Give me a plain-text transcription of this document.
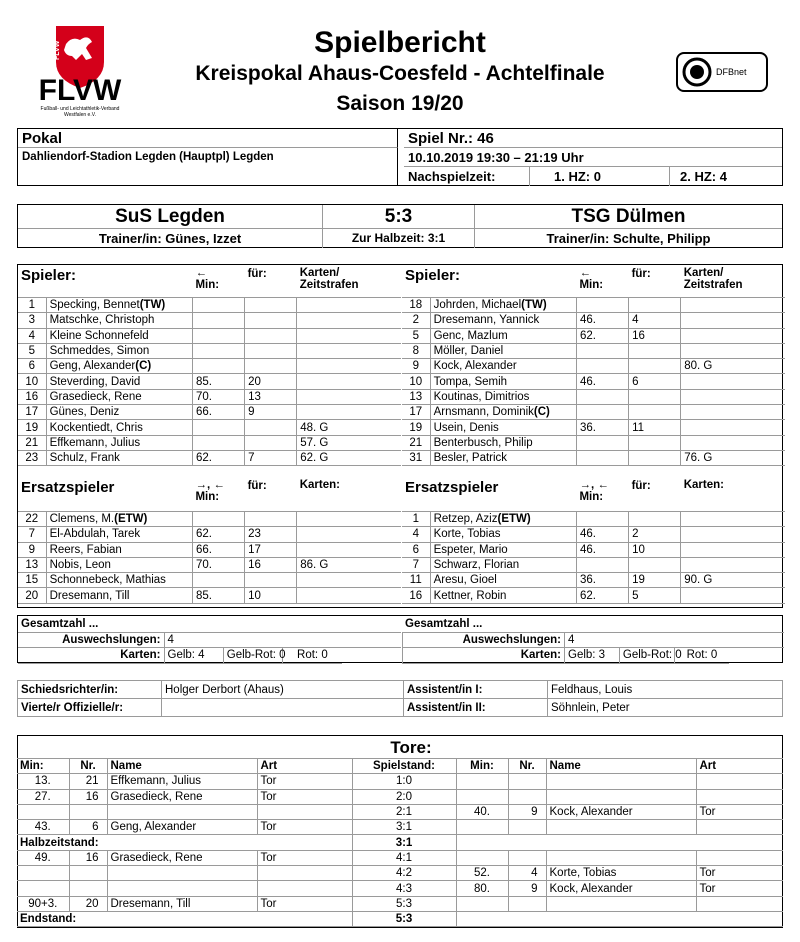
FLVW
FLVW
Fußball- und Leichtathletik-Verband Westfalen e.V.
Spielbericht
Kreispokal Ahaus-Coesfeld - Achtelfinale
Saison 19/20
DFBnet
Pokal
Dahliendorf-Stadion Legden (Hauptpl) Legden
Spiel Nr.: 46
10.10.2019 19:30 – 21:19 Uhr
Nachspielzeit:	1. HZ: 0	2. HZ: 4
SuS Legden
Trainer/in: Günes, Izzet
5:3
Zur Halbzeit: 3:1
TSG Dülmen
Trainer/in: Schulte, Philipp
Spieler:	←
Min:	für:	Karten/
Zeitstrafen
1	Specking, Bennet(TW)			
3	Matschke, Christoph			
4	Kleine Schonnefeld			
5	Schmeddes, Simon			
6	Geng, Alexander(C)			
10	Steverding, David	85.	20	
16	Grasedieck, Rene	70.	13	
17	Günes, Deniz	66.	9	
19	Kockentiedt, Chris			48. G
21	Effkemann, Julius			57. G
23	Schulz, Frank	62.	7	62. G
Spieler:	←
Min:	für:	Karten/
Zeitstrafen
18	Johrden, Michael(TW)			
2	Dresemann, Yannick	46.	4	
5	Genc, Mazlum	62.	16	
8	Möller, Daniel			
9	Kock, Alexander			80. G
10	Tompa, Semih	46.	6	
13	Koutinas, Dimitrios			
17	Arnsmann, Dominik(C)			
19	Usein, Denis	36.	11	
21	Benterbusch, Philip			
31	Besler, Patrick			76. G
Ersatzspieler	→, ←
Min:	für:	Karten:
22	Clemens, M.(ETW)			
7	El-Abdulah, Tarek	62.	23	
9	Reers, Fabian	66.	17	
13	Nobis, Leon	70.	16	86. G
15	Schonnebeck, Mathias			
20	Dresemann, Till	85.	10	
Ersatzspieler	→, ←
Min:	für:	Karten:
1	Retzep, Aziz(ETW)			
4	Korte, Tobias	46.	2	
6	Espeter, Mario	46.	10	
7	Schwarz, Florian			
11	Aresu, Gioel	36.	19	90. G
16	Kettner, Robin	62.	5	
Gesamtzahl ...	Gesamtzahl ...
Auswechslungen:	4		
Karten:	Gelb: 4	Gelb-Rot: 0	Rot: 0
Auswechslungen:	4		
Karten:	Gelb: 3	Gelb-Rot: 0	Rot: 0
Schiedsrichter/in:	Holger Derbort (Ahaus)	Assistent/in I:	Feldhaus, Louis
Vierte/r Offizielle/r:		Assistent/in II:	Söhnlein, Peter
Tore:
Min:	Nr.	Name	Art	Spielstand:	Min:	Nr.	Name	Art
13.	21	Effkemann, Julius	Tor	1:0				
27.	16	Grasedieck, Rene	Tor	2:0				
				2:1	40.	9	Kock, Alexander	Tor
43.	6	Geng, Alexander	Tor	3:1				
Halbzeitstand:				3:1				
49.	16	Grasedieck, Rene	Tor	4:1				
				4:2	52.	4	Korte, Tobias	Tor
				4:3	80.	9	Kock, Alexander	Tor
90+3.	20	Dresemann, Till	Tor	5:3				
Endstand:				5:3				
